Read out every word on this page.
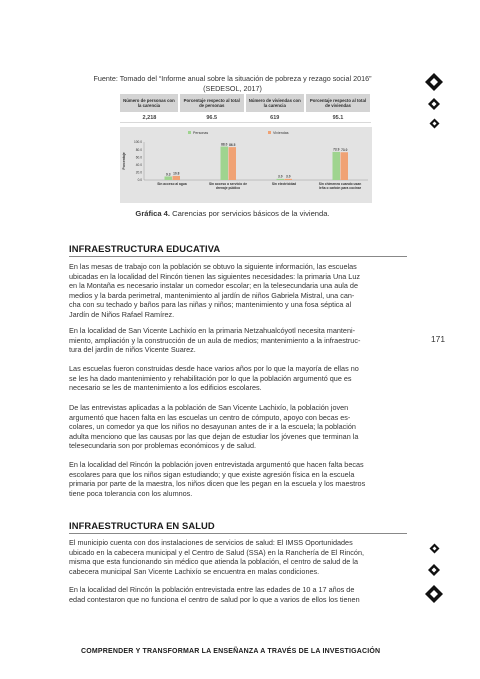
Fuente: Tomado del “Informe anual sobre la situación de pobreza y rezago social 2016”
(SEDESOL, 2017)
Número de personas con la carencia	Porcentaje respecto al total de personas	Número de viviendas con la carencia	Porcentaje respecto al total de viviendas
2,218	96.5	619	95.1
Personas	Viviendas
100.0
80.0
60.0
40.0
20.0
0.0
Porcentaje
9.3 10.8
Sin acceso al agua
88.0 86.5
Sin acceso a servicio de
drenaje público
3.0 3.0
Sin electricidad
73.9 73.0
Sin chimenea cuando usan
leña o carbón para cocinar
Gráfica 4. Carencias por servicios básicos de la vivienda.
INFRAESTRUCTURA EDUCATIVA
En las mesas de trabajo con la población se obtuvo la siguiente información, las escuelas
ubicadas en la localidad del Rincón tienen las siguientes necesidades: la primaria Una Luz
en la Montaña es necesario instalar un comedor escolar; en la telesecundaria una aula de
medios y la barda perimetral, mantenimiento al jardín de niños Gabriela Mistral, una can-
cha con su techado y baños para las niñas y niños; mantenimiento y una fosa séptica al
Jardín de Niños Rafael Ramírez.
En la localidad de San Vicente Lachixío en la primaria Netzahualcóyotl necesita manteni-
miento, ampliación y la construcción de un aula de medios; mantenimiento a la infraestruc-
tura del jardín de niños Vicente Suarez.
Las escuelas fueron construidas desde hace varios años por lo que la mayoría de ellas no
se les ha dado mantenimiento y rehabilitación por lo que la población argumentó que es
necesario se les de mantenimiento a los edificios escolares.
De las entrevistas aplicadas a la población de San Vicente Lachixío, la población joven
argumentó que hacen falta en las escuelas un centro de cómputo, apoyo con becas es-
colares, un comedor ya que los niños no desayunan antes de ir a la escuela; la población
adulta menciono que las causas por las que dejan de estudiar los jóvenes que terminan la
telesecundaria son por problemas económicos y de salud.
En la localidad del Rincón la población joven entrevistada argumentó que hacen falta becas
escolares para que los niños sigan estudiando; y que existe agresión física en la escuela
primaria por parte de la maestra, los niños dicen que les pegan en la escuela y los maestros
tiene poca tolerancia con los alumnos.
171
INFRAESTRUCTURA EN SALUD
El municipio cuenta con dos instalaciones de servicios de salud: El IMSS Oportunidades
ubicado en la cabecera municipal y el Centro de Salud (SSA) en la Ranchería de El Rincón,
misma que esta funcionando sin médico que atienda la población, el centro de salud de la
cabecera municipal San Vicente Lachixío se encuentra en malas condiciones.
En la localidad del Rincón la población entrevistada entre las edades de 10 a 17 años de
edad contestaron que no funciona el centro de salud por lo que a varios de ellos los tienen
COMPRENDER Y TRANSFORMAR LA ENSEÑANZA A TRAVÉS DE LA INVESTIGACIÓN
